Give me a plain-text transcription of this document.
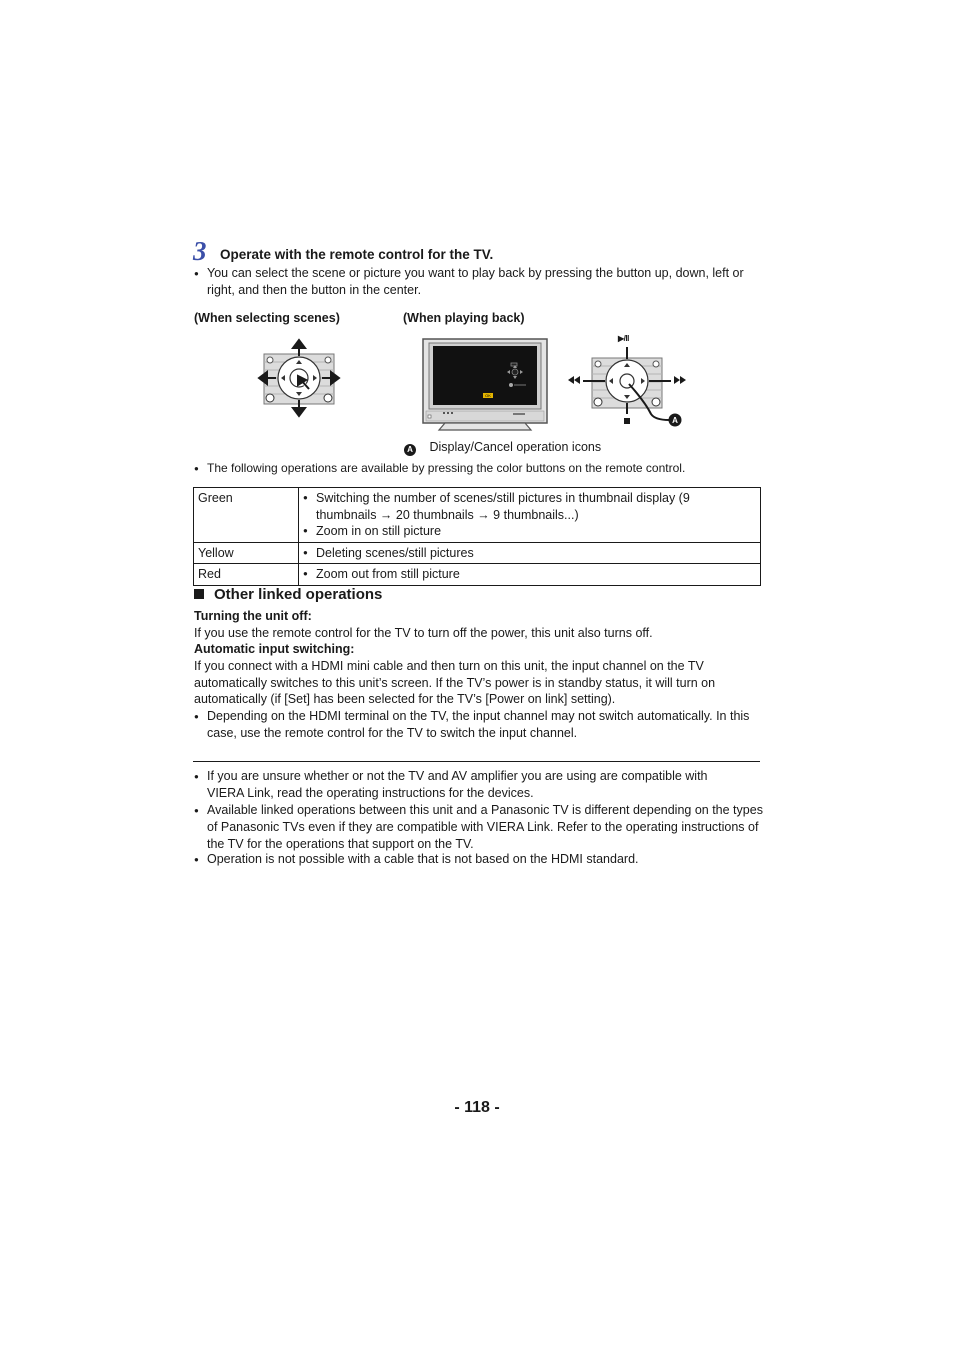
3 Operate with the remote control for the TV.
● You can select the scene or picture you want to play back by pressing the button up, down, left or right, and then the button in the center.
(When selecting scenes)	(When playing back)
OK
▶/II
A
A Display/Cancel operation icons
● The following operations are available by pressing the color buttons on the remote control.
Green	● Switching the number of scenes/still pictures in thumbnail display (9 thumbnails → 20 thumbnails → 9 thumbnails...)
● Zoom in on still picture

Yellow	● Deleting scenes/still pictures

Red	● Zoom out from still picture
Other linked operations
Turning the unit off:
If you use the remote control for the TV to turn off the power, this unit also turns off.
Automatic input switching:
If you connect with a HDMI mini cable and then turn on this unit, the input channel on the TV automatically switches to this unit’s screen. If the TV’s power is in standby status, it will turn on automatically (if [Set] has been selected for the TV’s [Power on link] setting).
● Depending on the HDMI terminal on the TV, the input channel may not switch automatically. In this case, use the remote control for the TV to switch the input channel.
● If you are unsure whether or not the TV and AV amplifier you are using are compatible with VIERA Link, read the operating instructions for the devices.
● Available linked operations between this unit and a Panasonic TV is different depending on the types of Panasonic TVs even if they are compatible with VIERA Link. Refer to the operating instructions of the TV for the operations that support on the TV.
● Operation is not possible with a cable that is not based on the HDMI standard.
- 118 -
